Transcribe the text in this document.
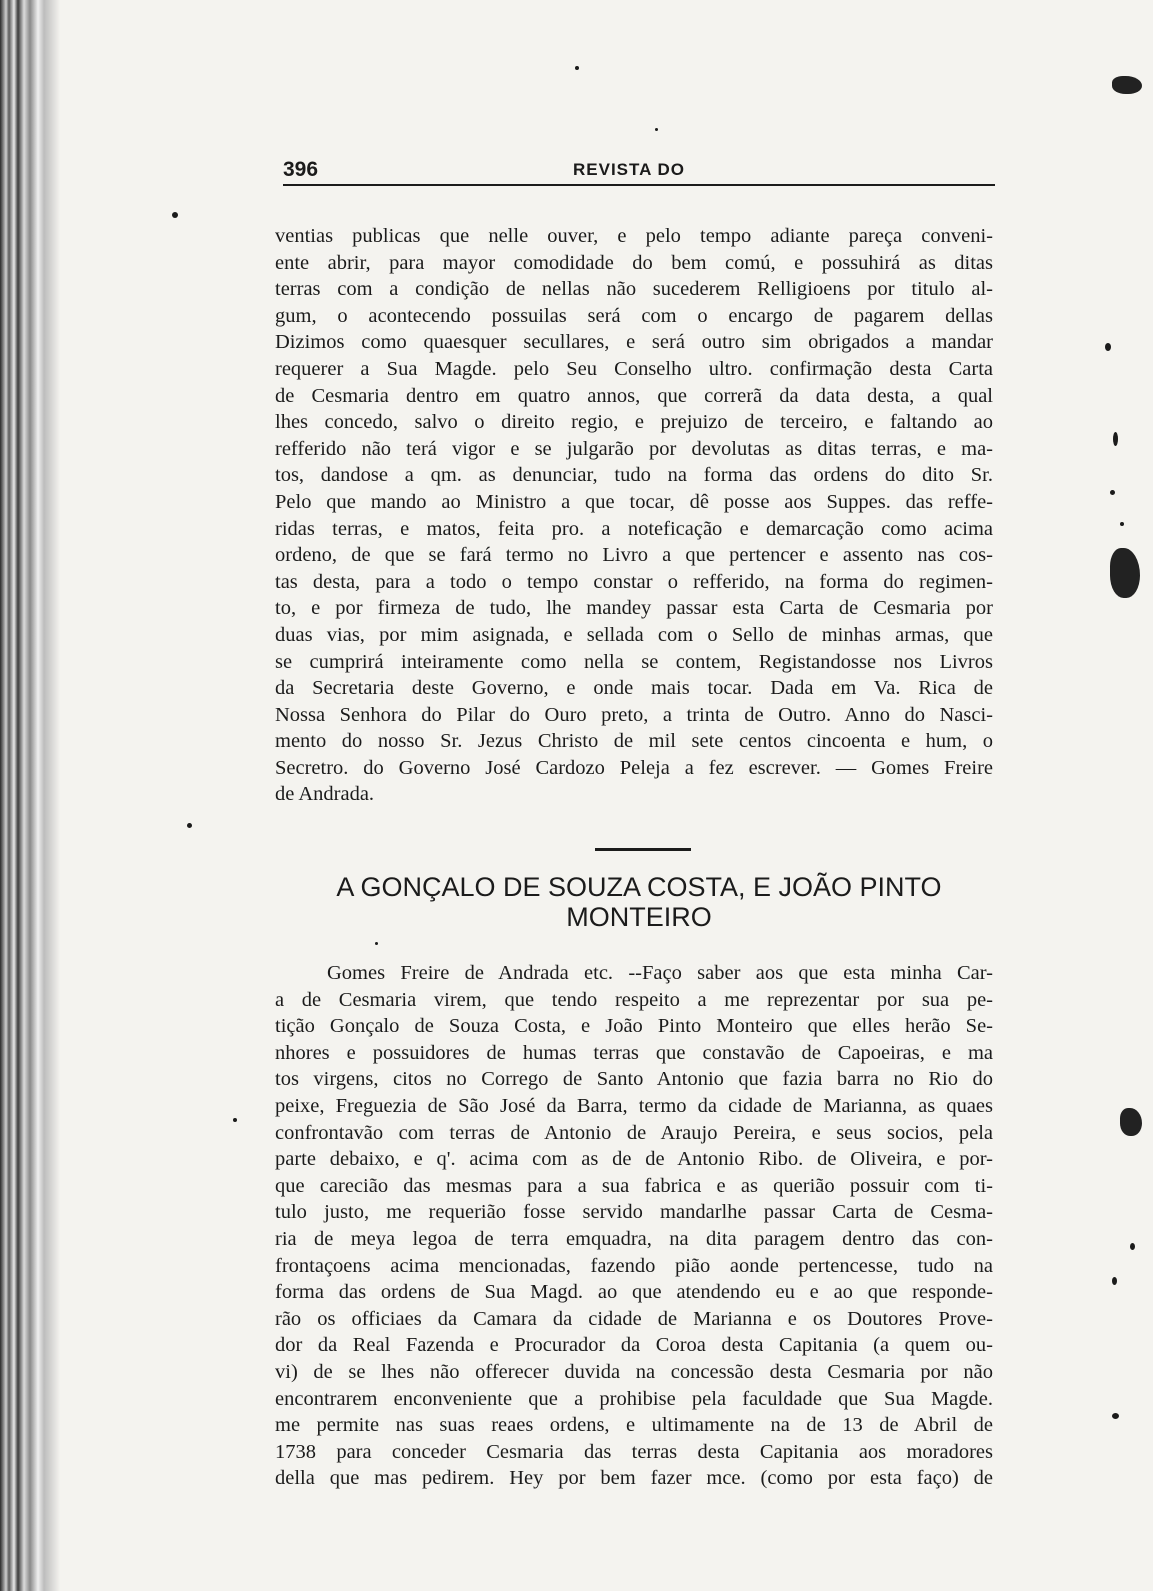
396	REVISTA DO
ventias publicas que nelle ouver, e pelo tempo adiante pareça conveni-
ente abrir, para mayor comodidade do bem comú, e possuhirá as ditas
terras com a condição de nellas não sucederem Relligioens por titulo al-
gum, o acontecendo possuilas será com o encargo de pagarem dellas
Dizimos como quaesquer secullares, e será outro sim obrigados a mandar
requerer a Sua Magde. pelo Seu Conselho ultro. confirmação desta Carta
de Cesmaria dentro em quatro annos, que correrã da data desta, a qual
lhes concedo, salvo o direito regio, e prejuizo de terceiro, e faltando ao
refferido não terá vigor e se julgarão por devolutas as ditas terras, e ma-
tos, dandose a qm. as denunciar, tudo na forma das ordens do dito Sr.
Pelo que mando ao Ministro a que tocar, dê posse aos Suppes. das reffe-
ridas terras, e matos, feita pro. a noteficação e demarcação como acima
ordeno, de que se fará termo no Livro a que pertencer e assento nas cos-
tas desta, para a todo o tempo constar o refferido, na forma do regimen-
to, e por firmeza de tudo, lhe mandey passar esta Carta de Cesmaria por
duas vias, por mim asignada, e sellada com o Sello de minhas armas, que
se cumprirá inteiramente como nella se contem, Registandosse nos Livros
da Secretaria deste Governo, e onde mais tocar. Dada em Va. Rica de
Nossa Senhora do Pilar do Ouro preto, a trinta de Outro. Anno do Nasci-
mento do nosso Sr. Jezus Christo de mil sete centos cincoenta e hum, o
Secretro. do Governo José Cardozo Peleja a fez escrever. — Gomes Freire
de Andrada.
A GONÇALO DE SOUZA COSTA, E JOÃO PINTO
MONTEIRO
Gomes Freire de Andrada etc. --Faço saber aos que esta minha Car-
a de Cesmaria virem, que tendo respeito a me reprezentar por sua pe-
tição Gonçalo de Souza Costa, e João Pinto Monteiro que elles herão Se-
nhores e possuidores de humas terras que constavão de Capoeiras, e ma
tos virgens, citos no Corrego de Santo Antonio que fazia barra no Rio do
peixe, Freguezia de São José da Barra, termo da cidade de Marianna, as quaes
confrontavão com terras de Antonio de Araujo Pereira, e seus socios, pela
parte debaixo, e q'. acima com as de de Antonio Ribo. de Oliveira, e por-
que carecião das mesmas para a sua fabrica e as querião possuir com ti-
tulo justo, me requerião fosse servido mandarlhe passar Carta de Cesma-
ria de meya legoa de terra emquadra, na dita paragem dentro das con-
frontaçoens acima mencionadas, fazendo pião aonde pertencesse, tudo na
forma das ordens de Sua Magd. ao que atendendo eu e ao que responde-
rão os officiaes da Camara da cidade de Marianna e os Doutores Prove-
dor da Real Fazenda e Procurador da Coroa desta Capitania (a quem ou-
vi) de se lhes não offerecer duvida na concessão desta Cesmaria por não
encontrarem enconveniente que a prohibise pela faculdade que Sua Magde.
me permite nas suas reaes ordens, e ultimamente na de 13 de Abril de
1738 para conceder Cesmaria das terras desta Capitania aos moradores
della que mas pedirem. Hey por bem fazer mce. (como por esta faço) de
